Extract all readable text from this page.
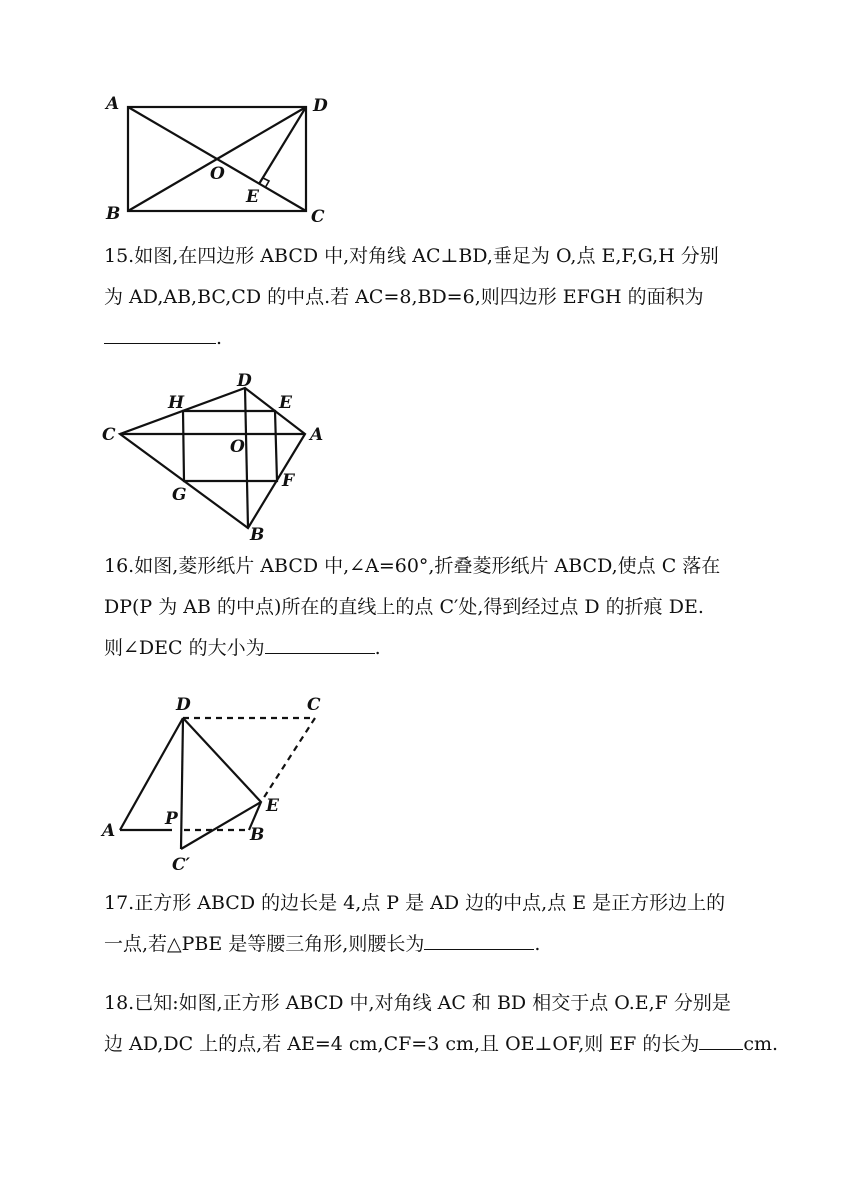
A	D
B	C
O
E

15.如图,在四边形 ABCD 中,对角线 AC⊥BD,垂足为 O,点 E,F,G,H 分别

为 AD,AB,BC,CD 的中点.若 AC=8,BD=6,则四边形 EFGH 的面积为

.

C
D
A
B
H	E
F
G
O

16.如图,菱形纸片 ABCD 中,∠A=60°,折叠菱形纸片 ABCD,使点 C 落在

DP(P 为 AB 的中点)所在的直线上的点 C′处,得到经过点 D 的折痕 DE.

则∠DEC 的大小为	.

A
D	C
P
B
E
C′

17.正方形 ABCD 的边长是 4,点 P 是 AD 边的中点,点 E 是正方形边上的

一点,若△PBE 是等腰三角形,则腰长为	.

18.已知:如图,正方形 ABCD 中,对角线 AC 和 BD 相交于点 O.E,F 分别是

边 AD,DC 上的点,若 AE=4 cm,CF=3 cm,且 OE⊥OF,则 EF 的长为 cm.
